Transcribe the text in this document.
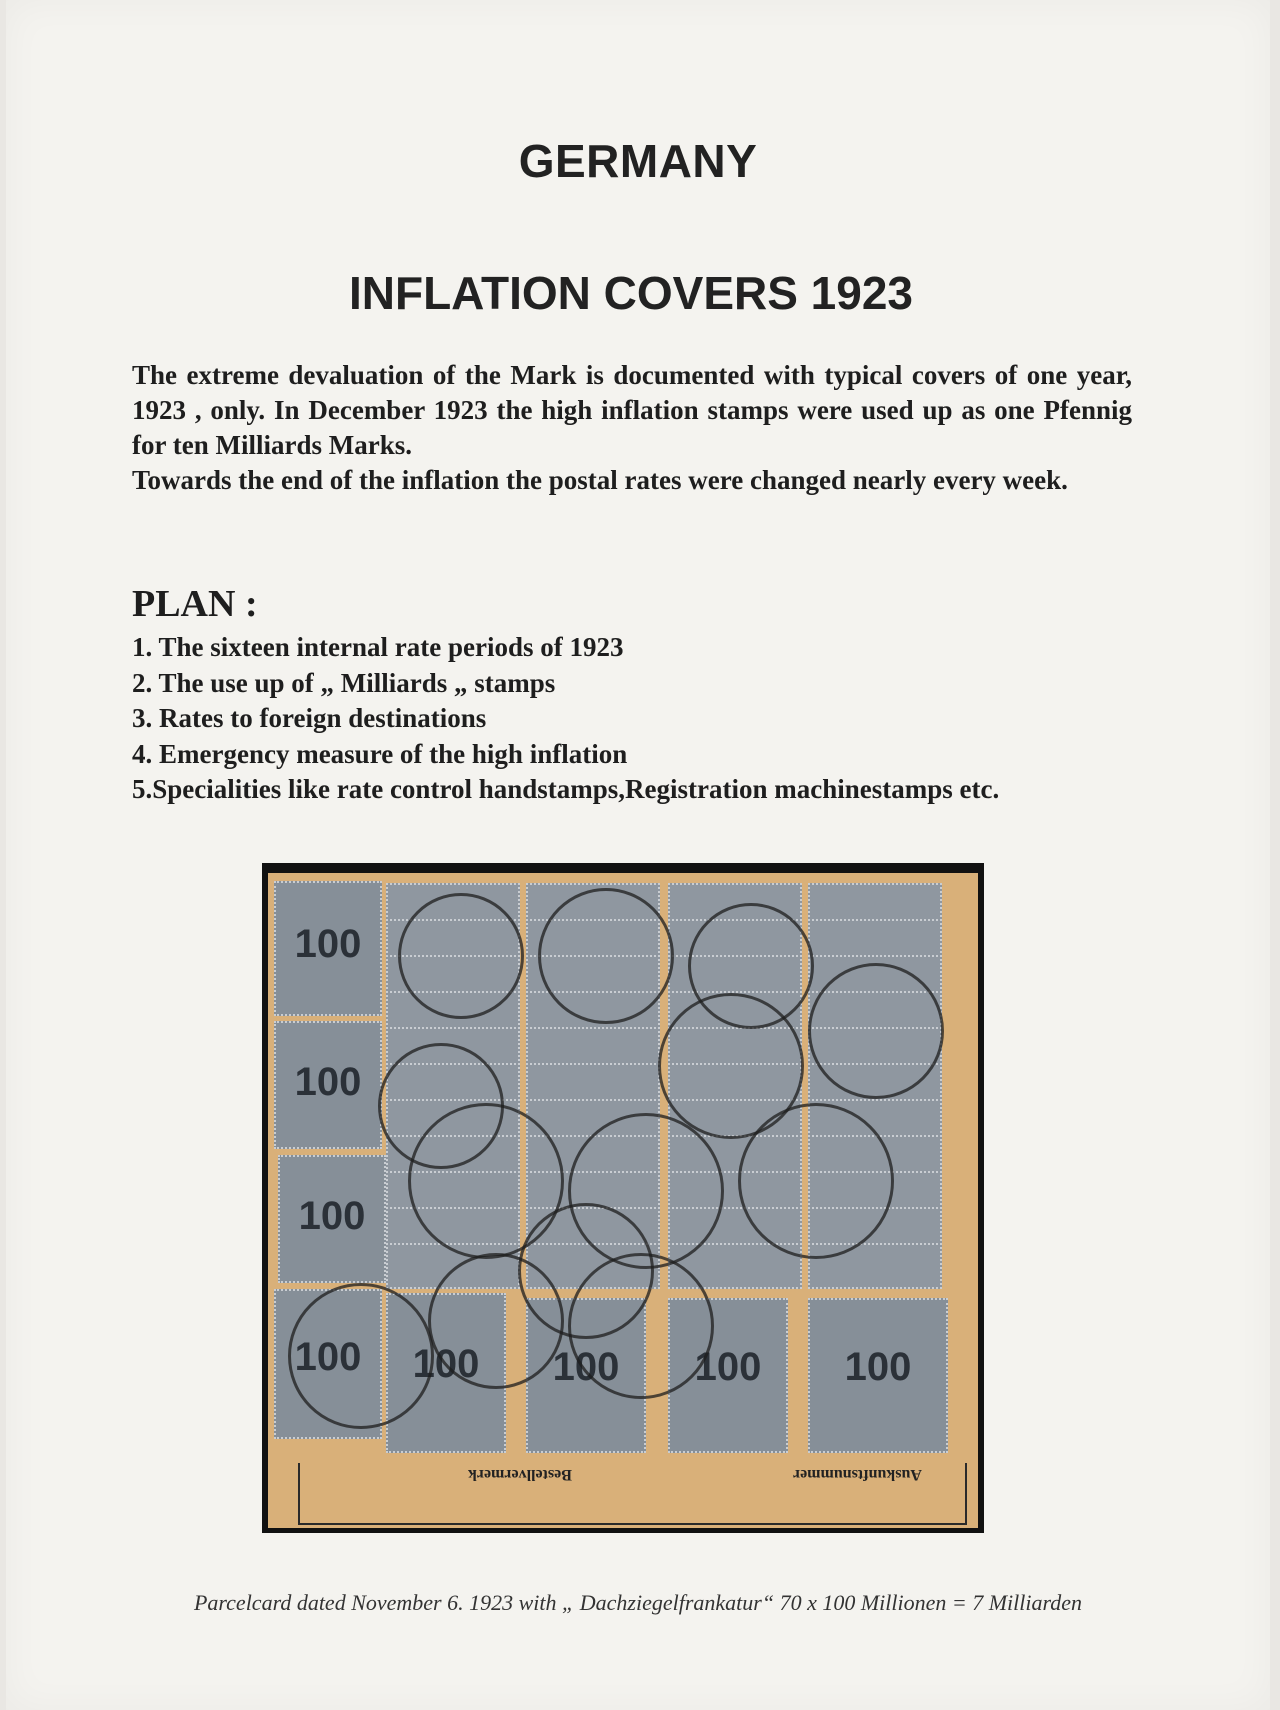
GERMANY
INFLATION COVERS 1923

The extreme devaluation of the Mark is documented with typical covers of one year, 1923 , only. In December 1923 the high inflation stamps were used up as one Pfennig for ten Milliards Marks.

Towards the end of the inflation the postal rates were changed nearly every week.

PLAN :
1. The sixteen internal rate periods of 1923
2. The use up of „ Milliards „ stamps
3. Rates to foreign destinations
4. Emergency measure of the high inflation
5.Specialities like rate control handstamps,Registration machinestamps etc.
100
100
100
100	100	100	100	100
Bestellvermerk	Auskunftsnummer
Parcelcard dated November 6. 1923 with „ Dachziegelfrankatur“ 70 x 100 Millionen = 7 Milliarden
